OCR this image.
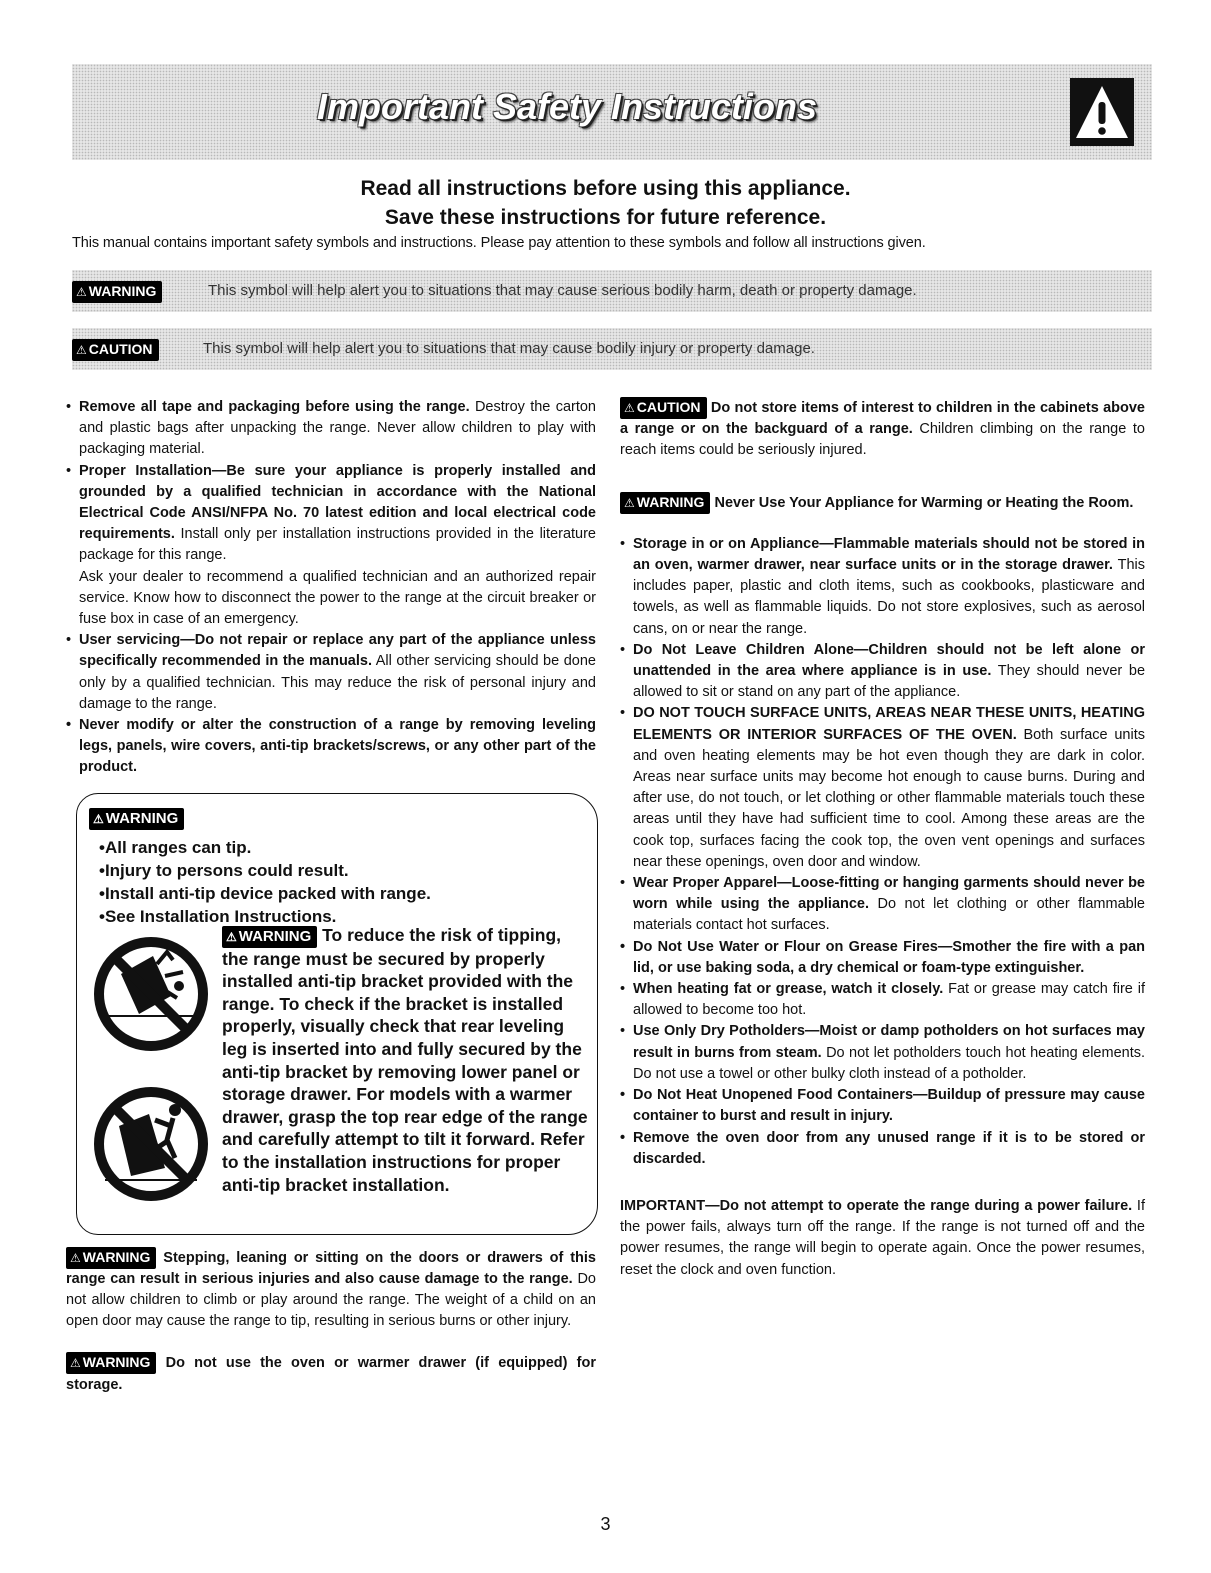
Important Safety Instructions
Read all instructions before using this appliance.
Save these instructions for future reference.
This manual contains important safety symbols and instructions. Please pay attention to these symbols and follow all instructions given.
⚠ WARNING	This symbol will help alert you to situations that may cause serious bodily harm, death or property damage.
⚠ CAUTION	This symbol will help alert you to situations that may cause bodily injury or property damage.
• Remove all tape and packaging before using the range. Destroy the carton and plastic bags after unpacking the range. Never allow children to play with packaging material.
• Proper Installation—Be sure your appliance is properly installed and grounded by a qualified technician in accordance with the National Electrical Code ANSI/NFPA No. 70 latest edition and local electrical code requirements. Install only per installation instructions provided in the literature package for this range.
Ask your dealer to recommend a qualified technician and an authorized repair service. Know how to disconnect the power to the range at the circuit breaker or fuse box in case of an emergency.
• User servicing—Do not repair or replace any part of the appliance unless specifically recommended in the manuals. All other servicing should be done only by a qualified technician. This may reduce the risk of personal injury and damage to the range.
• Never modify or alter the construction of a range by removing leveling legs, panels, wire covers, anti-tip brackets/screws, or any other part of the product.
⚠ WARNING
• All ranges can tip.
• Injury to persons could result.
• Install anti-tip device packed with range.
• See Installation Instructions.
⚠ WARNING To reduce the risk of tipping, the range must be secured by properly installed anti-tip bracket provided with the range. To check if the bracket is installed properly, visually check that rear leveling leg is inserted into and fully secured by the anti-tip bracket by removing lower panel or storage drawer. For models with a warmer drawer, grasp the top rear edge of the range and carefully attempt to tilt it forward. Refer to the installation instructions for proper anti-tip bracket installation.
⚠ WARNING Stepping, leaning or sitting on the doors or drawers of this range can result in serious injuries and also cause damage to the range. Do not allow children to climb or play around the range. The weight of a child on an open door may cause the range to tip, resulting in serious burns or other injury.
⚠ WARNING Do not use the oven or warmer drawer (if equipped) for storage.
⚠ CAUTION Do not store items of interest to children in the cabinets above a range or on the backguard of a range. Children climbing on the range to reach items could be seriously injured.
⚠ WARNING Never Use Your Appliance for Warming or Heating the Room.
• Storage in or on Appliance—Flammable materials should not be stored in an oven, warmer drawer, near surface units or in the storage drawer. This includes paper, plastic and cloth items, such as cookbooks, plasticware and towels, as well as flammable liquids. Do not store explosives, such as aerosol cans, on or near the range.
• Do Not Leave Children Alone—Children should not be left alone or unattended in the area where appliance is in use. They should never be allowed to sit or stand on any part of the appliance.
• DO NOT TOUCH SURFACE UNITS, AREAS NEAR THESE UNITS, HEATING ELEMENTS OR INTERIOR SURFACES OF THE OVEN. Both surface units and oven heating elements may be hot even though they are dark in color. Areas near surface units may become hot enough to cause burns. During and after use, do not touch, or let clothing or other flammable materials touch these areas until they have had sufficient time to cool. Among these areas are the cook top, surfaces facing the cook top, the oven vent openings and surfaces near these openings, oven door and window.
• Wear Proper Apparel—Loose-fitting or hanging garments should never be worn while using the appliance. Do not let clothing or other flammable materials contact hot surfaces.
• Do Not Use Water or Flour on Grease Fires—Smother the fire with a pan lid, or use baking soda, a dry chemical or foam-type extinguisher.
• When heating fat or grease, watch it closely. Fat or grease may catch fire if allowed to become too hot.
• Use Only Dry Potholders—Moist or damp potholders on hot surfaces may result in burns from steam. Do not let potholders touch hot heating elements. Do not use a towel or other bulky cloth instead of a potholder.
• Do Not Heat Unopened Food Containers—Buildup of pressure may cause container to burst and result in injury.
• Remove the oven door from any unused range if it is to be stored or discarded.
IMPORTANT—Do not attempt to operate the range during a power failure. If the power fails, always turn off the range. If the range is not turned off and the power resumes, the range will begin to operate again. Once the power resumes, reset the clock and oven function.
3
